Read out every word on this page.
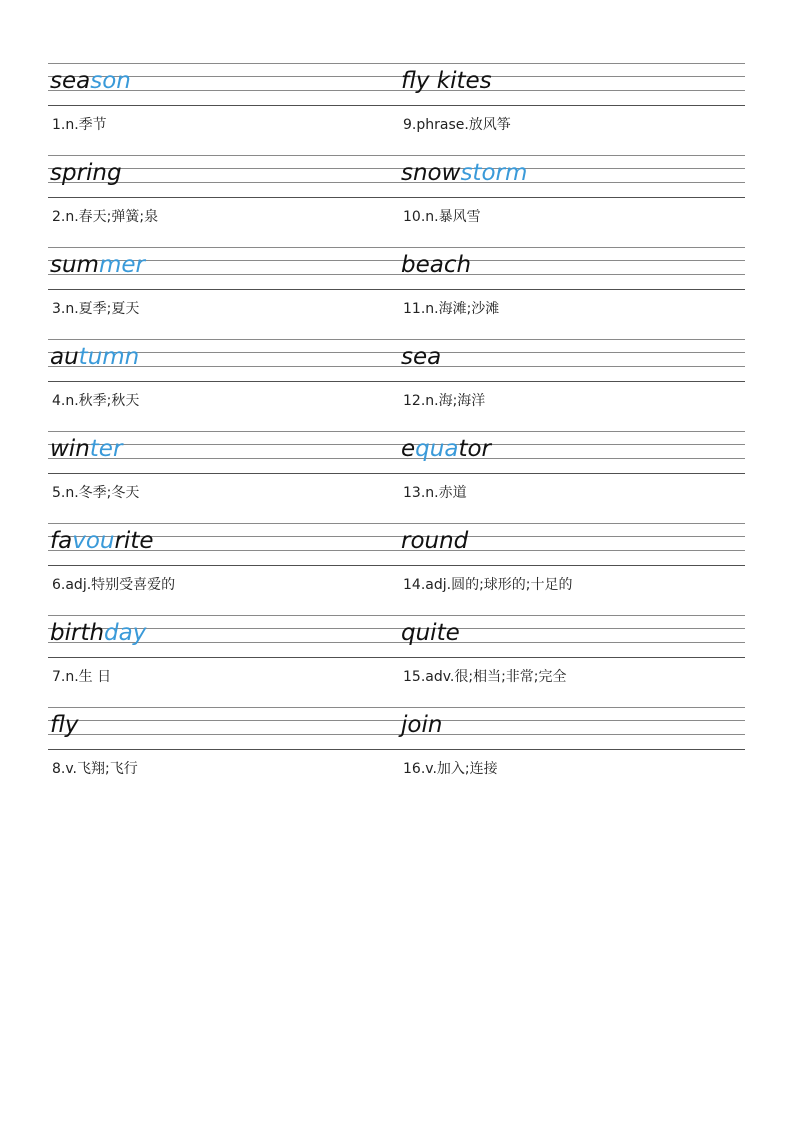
season
1.n.季节
fly kites
9.phrase.放风筝
spring
2.n.春天;弹簧;泉
snowstorm
10.n.暴风雪
summer
3.n.夏季;夏天
beach
11.n.海滩;沙滩
autumn
4.n.秋季;秋天
sea
12.n.海;海洋
winter
5.n.冬季;冬天
equator
13.n.赤道
favourite
6.adj.特别受喜爱的
round
14.adj.圆的;球形的;十足的
birthday
7.n.生 日
quite
15.adv.很;相当;非常;完全
fly
8.v.飞翔;飞行
join
16.v.加入;连接
